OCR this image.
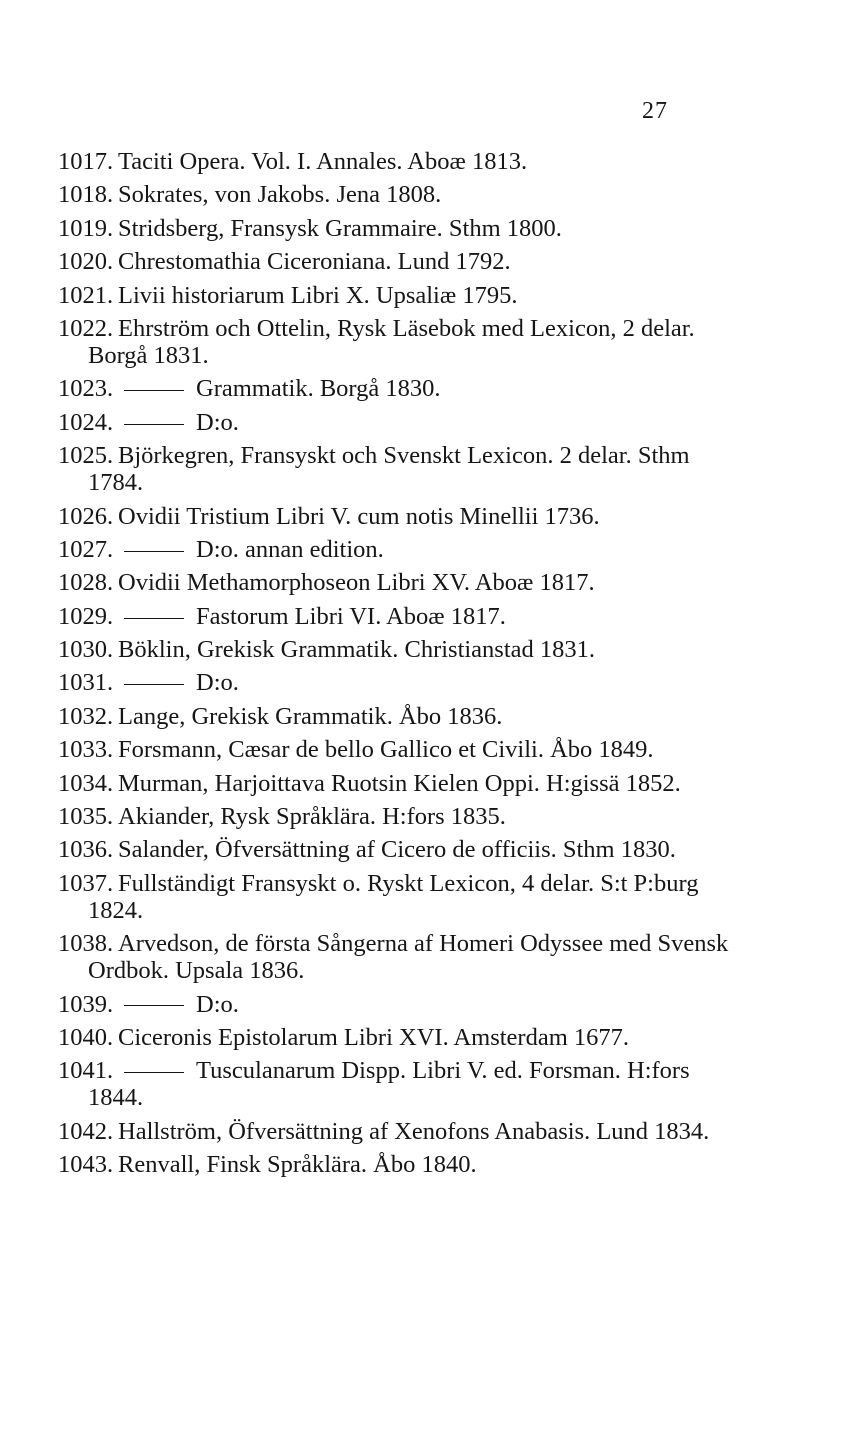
27
1017. Taciti Opera. Vol. I. Annales. Aboæ 1813.
1018. Sokrates, von Jakobs. Jena 1808.
1019. Stridsberg, Fransysk Grammaire. Sthm 1800.
1020. Chrestomathia Ciceroniana. Lund 1792.
1021. Livii historiarum Libri X. Upsaliæ 1795.
1022. Ehrström och Ottelin, Rysk Läsebok med Lexicon, 2 delar. Borgå 1831.
1023.	Grammatik. Borgå 1830.
1024.	D:o.
1025. Björkegren, Fransyskt och Svenskt Lexicon. 2 delar. Sthm 1784.
1026. Ovidii Tristium Libri V. cum notis Minellii 1736.
1027.	D:o. annan edition.
1028. Ovidii Methamorphoseon Libri XV. Aboæ 1817.
1029.	Fastorum Libri VI. Aboæ 1817.
1030. Böklin, Grekisk Grammatik. Christianstad 1831.
1031.	D:o.
1032. Lange, Grekisk Grammatik. Åbo 1836.
1033. Forsmann, Cæsar de bello Gallico et Civili. Åbo 1849.
1034. Murman, Harjoittava Ruotsin Kielen Oppi. H:gissä 1852.
1035. Akiander, Rysk Språklära. H:fors 1835.
1036. Salander, Öfversättning af Cicero de officiis. Sthm 1830.
1037. Fullständigt Fransyskt o. Ryskt Lexicon, 4 delar. S:t P:burg 1824.
1038. Arvedson, de första Sångerna af Homeri Odyssee med Svensk Ordbok. Upsala 1836.
1039.	D:o.
1040. Ciceronis Epistolarum Libri XVI. Amsterdam 1677.
1041.	Tusculanarum Dispp. Libri V. ed. Forsman. H:fors 1844.
1042. Hallström, Öfversättning af Xenofons Anabasis. Lund 1834.
1043. Renvall, Finsk Språklära. Åbo 1840.
